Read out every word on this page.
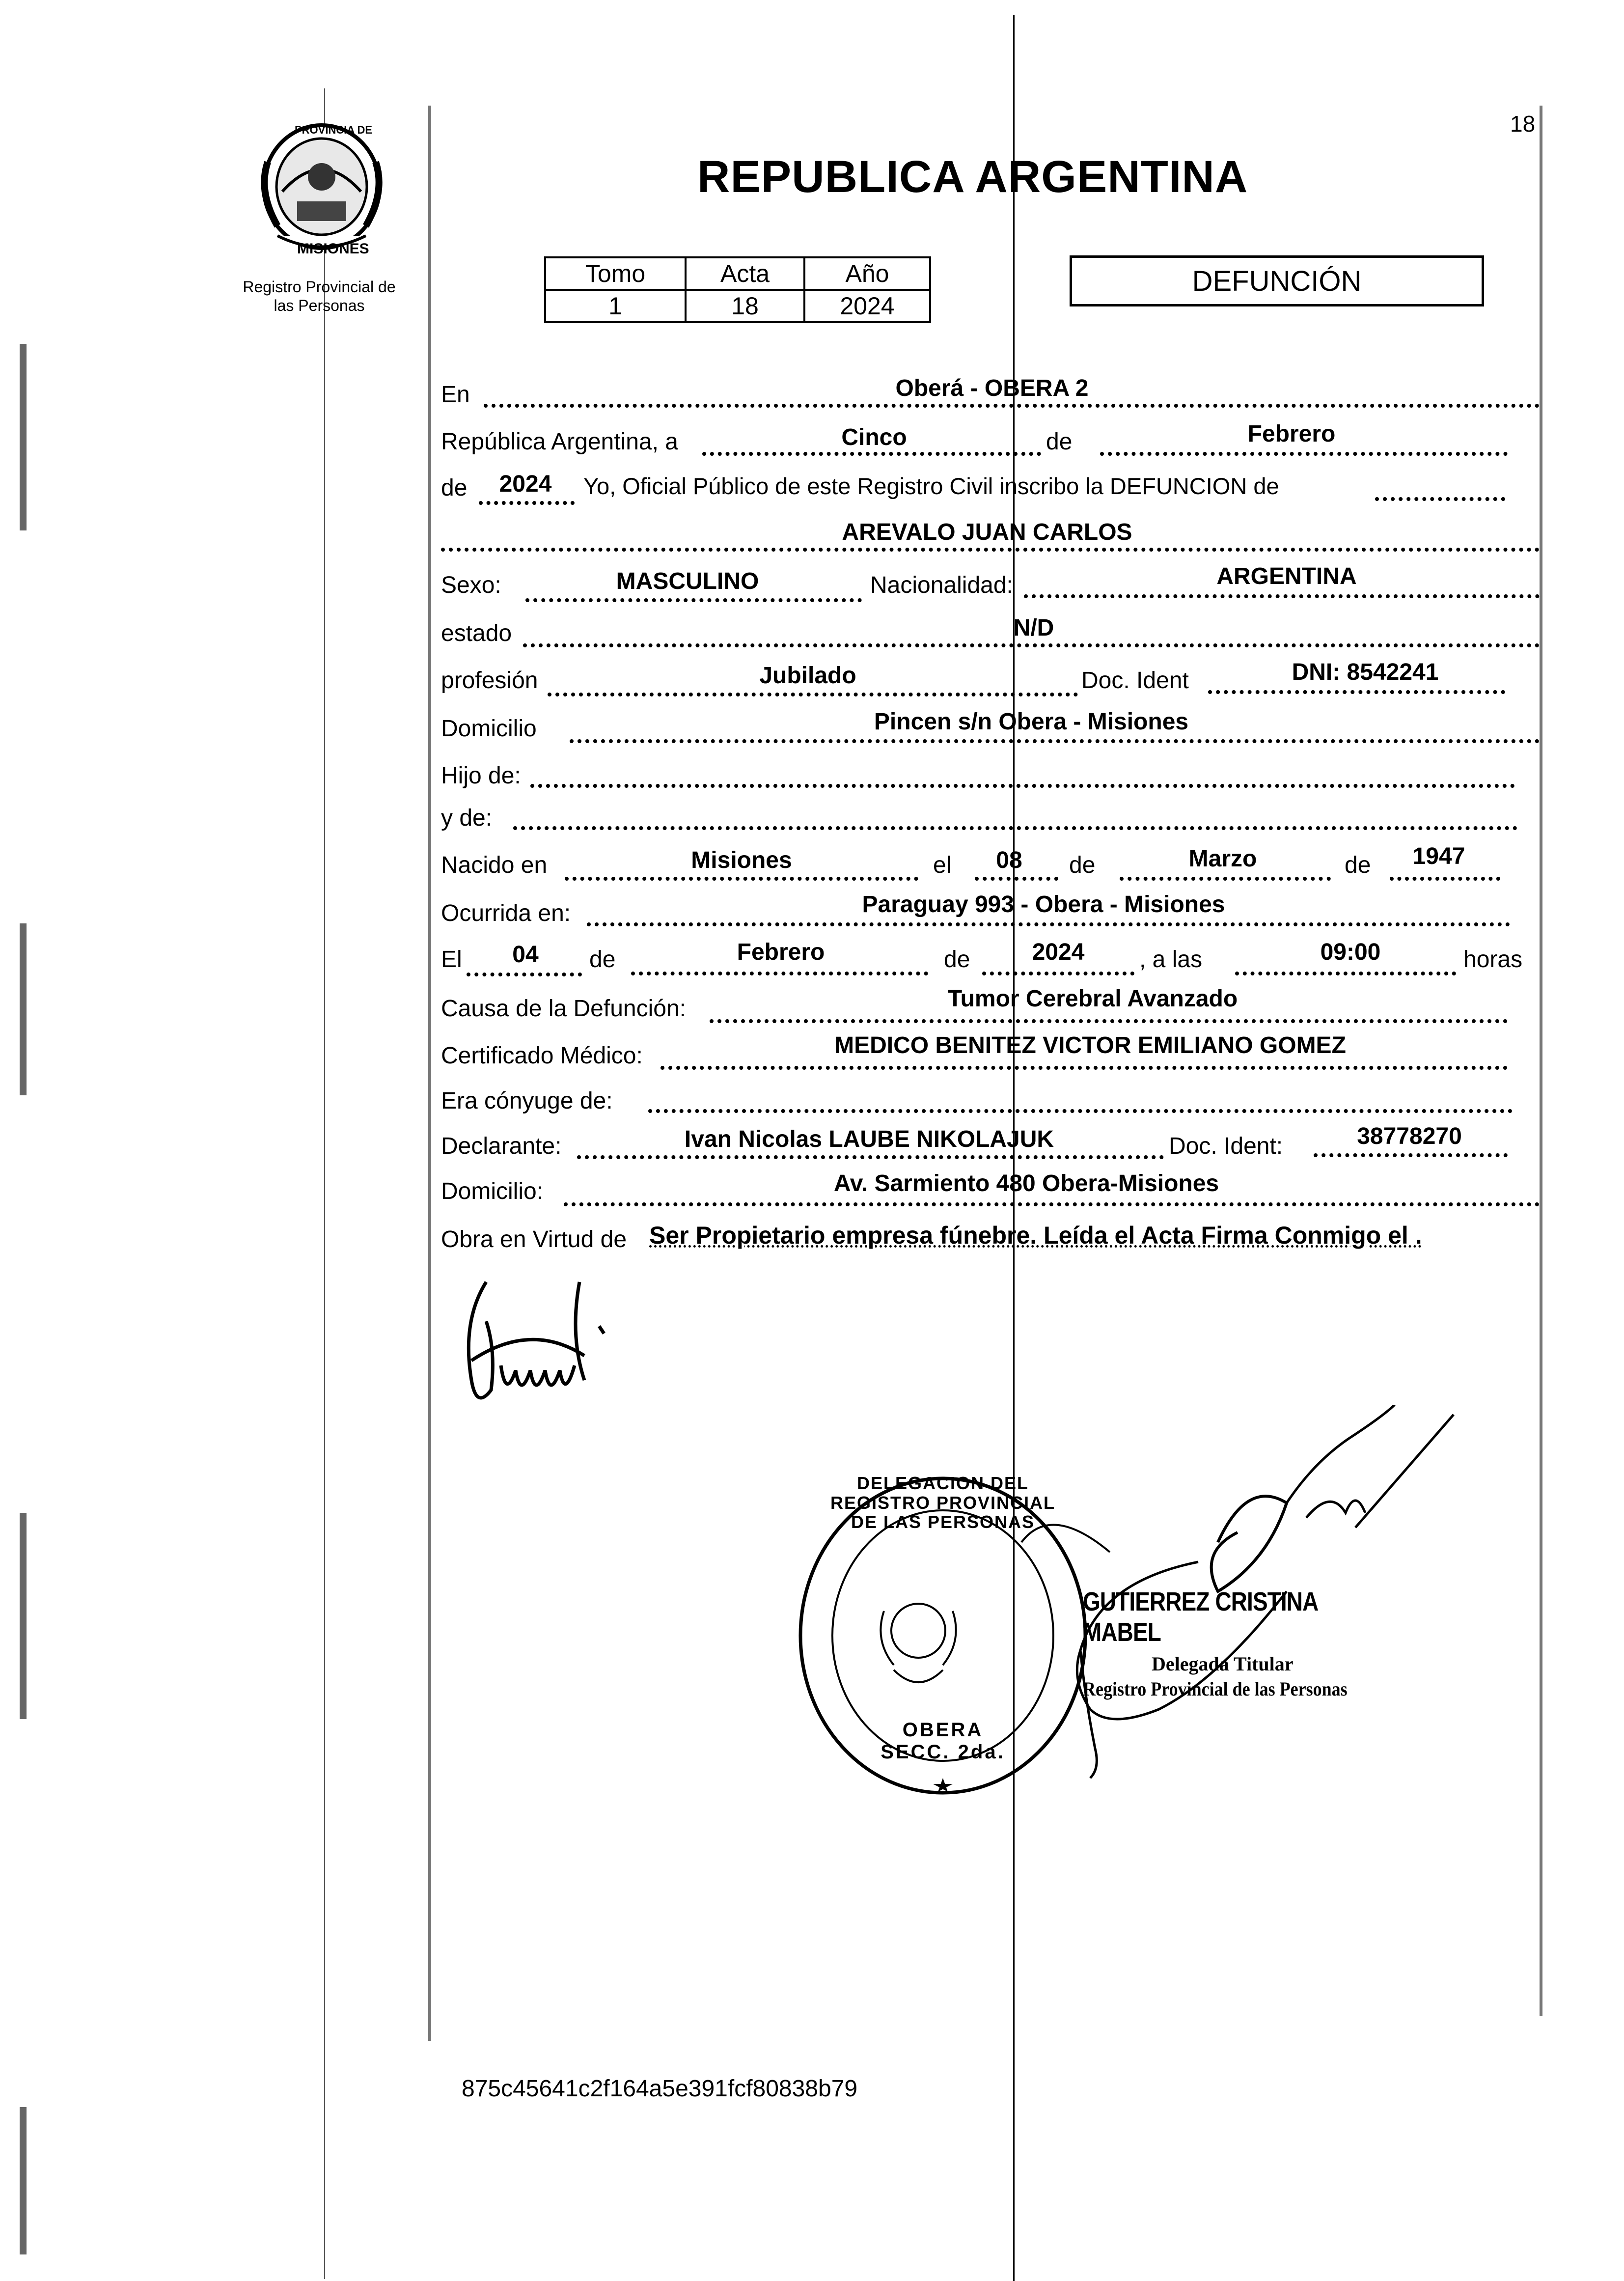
PROVINCIA DE
MISIONES
Registro Provincial de
las Personas
18
REPUBLICA ARGENTINA
Tomo	Acta	Año
1	18	2024
DEFUNCIÓN
En	Oberá - OBERA 2
República Argentina, a	Cinco	de	Febrero
de	2024	Yo, Oficial Público de este Registro Civil inscribo la DEFUNCION de
AREVALO JUAN CARLOS
Sexo:	MASCULINO	Nacionalidad:	ARGENTINA
estado	N/D
profesión	Jubilado	Doc. Ident	DNI: 8542241
Domicilio	Pincen s/n Obera - Misiones
Hijo de:
y de:
Nacido en	Misiones	el	08	de	Marzo	de	1947
Ocurrida en:	Paraguay 993 - Obera - Misiones
El	04	de	Febrero	de	2024	, a las	09:00	horas
Causa de la Defunción:	Tumor Cerebral Avanzado
Certificado Médico:	MEDICO BENITEZ VICTOR EMILIANO GOMEZ
Era cónyuge de:
Declarante:	Ivan Nicolas LAUBE NIKOLAJUK	Doc. Ident:	38778270
Domicilio:	Av. Sarmiento 480 Obera-Misiones
Obra en Virtud de Ser Propietario empresa fúnebre. Leída el Acta Firma Conmigo el .
DELEGACION DEL REGISTRO PROVINCIAL DE LAS PERSONAS
OBERA SECC. 2da.
GUTIERREZ CRISTINA MABEL
Delegada Titular
Registro Provincial de las Personas
875c45641c2f164a5e391fcf80838b79
